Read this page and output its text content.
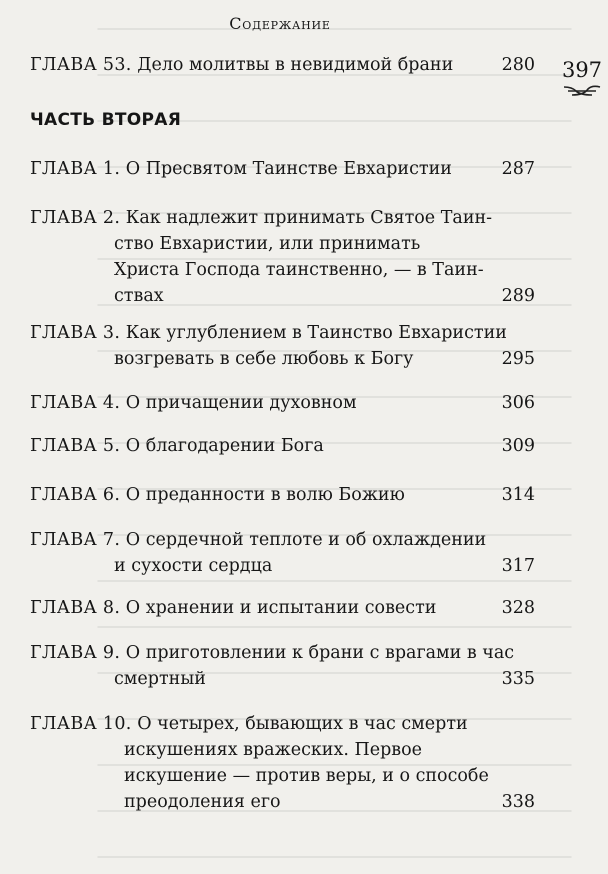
Содержание
397
ГЛАВА 53. Дело молитвы в невидимой брани	280
ЧАСТЬ ВТОРАЯ
ГЛАВА 1. О Пресвятом Таинстве Евхаристии	287
ГЛАВА 2. Как надлежит принимать Святое Таин-
ство Евхаристии, или принимать
Христа Господа таинственно, — в Таин-
ствах	289
ГЛАВА 3. Как углублением в Таинство Евхаристии
возгревать в себе любовь к Богу	295
ГЛАВА 4. О причащении духовном	306
ГЛАВА 5. О благодарении Бога	309
ГЛАВА 6. О преданности в волю Божию	314
ГЛАВА 7. О сердечной теплоте и об охлаждении
и сухости сердца	317
ГЛАВА 8. О хранении и испытании совести	328
ГЛАВА 9. О приготовлении к брани с врагами в час
смертный	335
ГЛАВА 10. О четырех, бывающих в час смерти
искушениях вражеских. Первое
искушение — против веры, и о способе
преодоления его	338
